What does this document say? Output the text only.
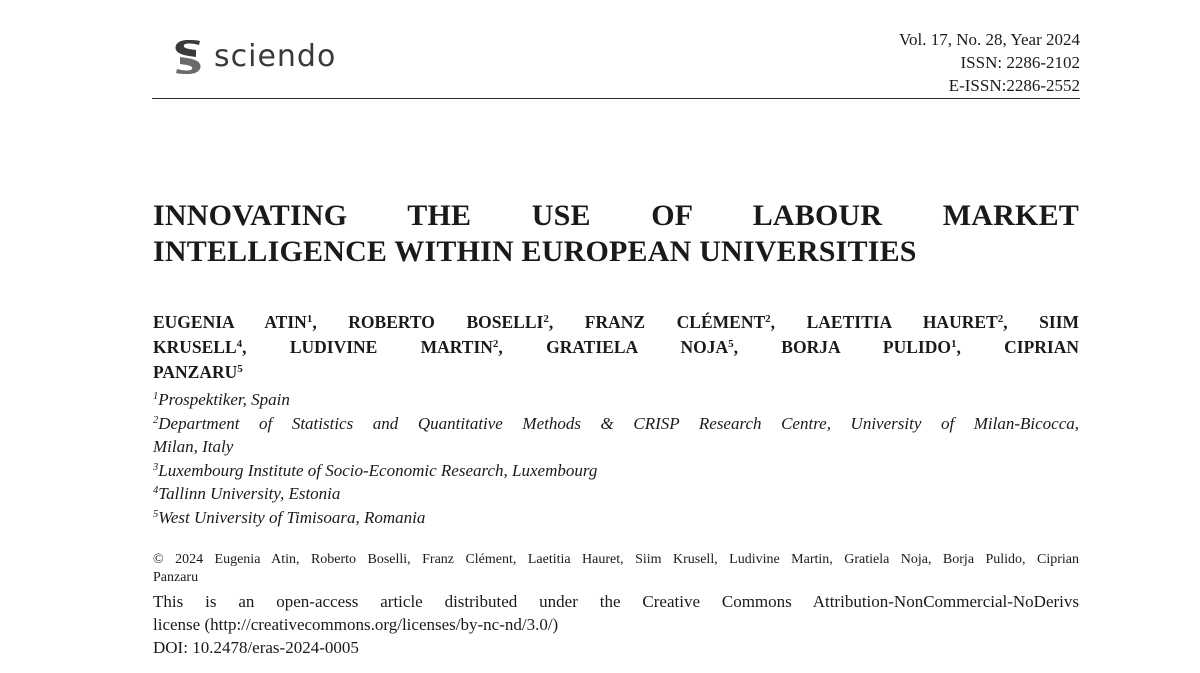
sciendo	Vol. 17, No. 28, Year 2024
ISSN: 2286-2102
E-ISSN:2286-2552
INNOVATING THE USE OF LABOUR MARKET
INTELLIGENCE WITHIN EUROPEAN UNIVERSITIES
EUGENIA ATIN$^1$, ROBERTO BOSELLI$^2$, FRANZ CLÉMENT$^2$, LAETITIA HAURET$^2$, SIIM
KRUSELL$^4$, LUDIVINE MARTIN$^2$, GRATIELA NOJA$^5$, BORJA PULIDO$^1$, CIPRIAN
PANZARU$^5$
$^1$Prospektiker, Spain
$^2$Department of Statistics and Quantitative Methods & CRISP Research Centre, University of Milan-Bicocca,
Milan, Italy
$^3$Luxembourg Institute of Socio-Economic Research, Luxembourg
$^4$Tallinn University, Estonia
$^5$West University of Timisoara, Romania
© 2024 Eugenia Atin, Roberto Boselli, Franz Clément, Laetitia Hauret, Siim Krusell, Ludivine Martin, Gratiela Noja, Borja Pulido, Ciprian
Panzaru
This is an open-access article distributed under the Creative Commons Attribution-NonCommercial-NoDerivs
license (http://creativecommons.org/licenses/by-nc-nd/3.0/)
DOI: 10.2478/eras-2024-0005
